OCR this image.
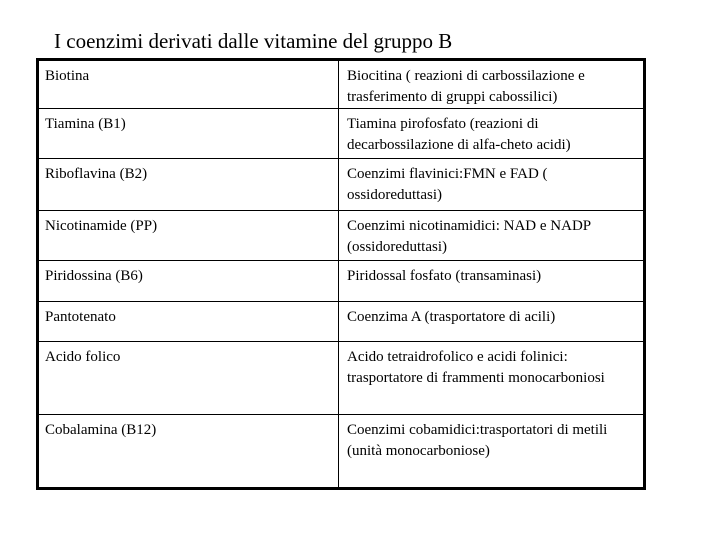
I coenzimi derivati dalle vitamine del gruppo B
Biotina	Biocitina ( reazioni di carbossilazione e trasferimento di gruppi cabossilici)
Tiamina (B1)	Tiamina pirofosfato (reazioni di decarbossilazione di alfa-cheto acidi)
Riboflavina (B2)	Coenzimi flavinici:FMN e FAD ( ossidoreduttasi)
Nicotinamide (PP)	Coenzimi nicotinamidici: NAD e NADP (ossidoreduttasi)
Piridossina (B6)	Piridossal fosfato (transaminasi)
Pantotenato	Coenzima A (trasportatore di acili)
Acido folico	Acido tetraidrofolico e acidi folinici: trasportatore di frammenti monocarboniosi
Cobalamina (B12)	Coenzimi cobamidici:trasportatori di metili (unità monocarboniose)
